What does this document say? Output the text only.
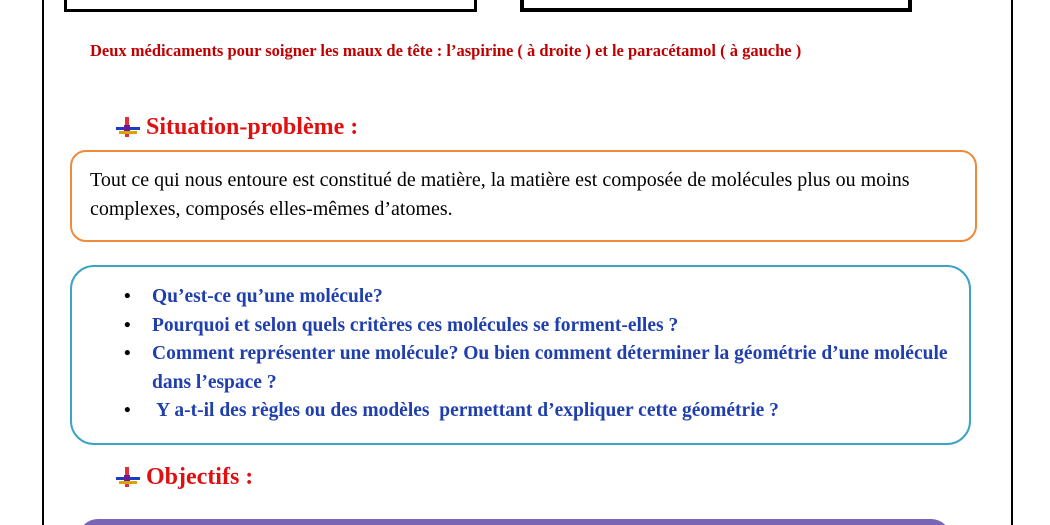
Deux médicaments pour soigner les maux de tête : l’aspirine ( à droite ) et le paracétamol ( à gauche )
Situation-problème :

Tout ce qui nous entoure est constitué de matière, la matière est composée de molécules plus ou moins complexes, composés elles-mêmes d’atomes.

• Qu’est-ce qu’une molécule?
• Pourquoi et selon quels critères ces molécules se forment-elles ?
• Comment représenter une molécule? Ou bien comment déterminer la géométrie d’une molécule dans l’espace ?
• Y a-t-il des règles ou des modèles  permettant d’expliquer cette géométrie ?
Objectifs :
